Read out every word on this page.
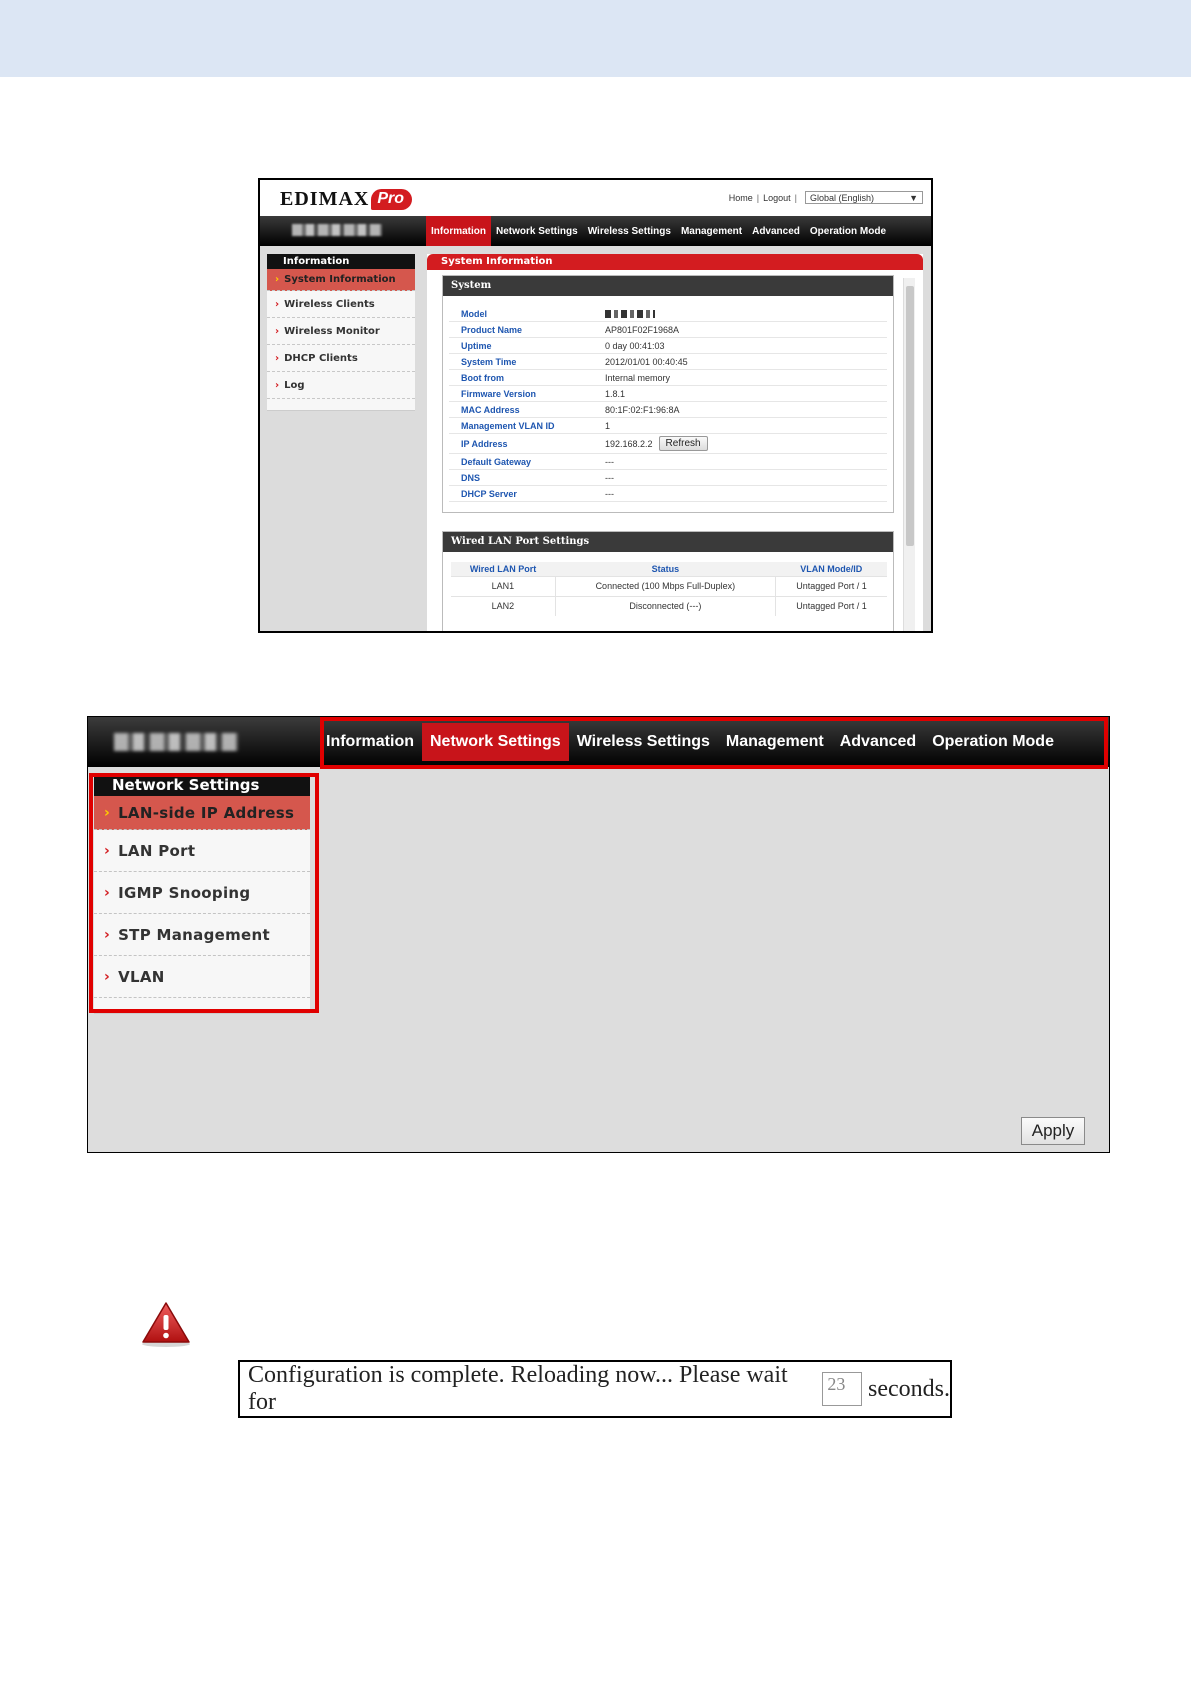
EDIMAX Pro	Home | Logout | Global (English)	▼
Information	Network Settings	Wireless Settings	Management	Advanced	Operation Mode
Information
› System Information
› Wireless Clients
› Wireless Monitor
› DHCP Clients
› Log
System Information
System
Model
Product Name	AP801F02F1968A
Uptime	0 day 00:41:03
System Time	2012/01/01 00:40:45
Boot from	Internal memory
Firmware Version	1.8.1
MAC Address	80:1F:02:F1:96:8A
Management VLAN ID	1
IP Address	192.168.2.2	Refresh
Default Gateway	---
DNS	---
DHCP Server	---
Wired LAN Port Settings
Wired LAN Port	Status	VLAN Mode/ID
LAN1	Connected (100 Mbps Full-Duplex)	Untagged Port / 1
LAN2	Disconnected (---)	Untagged Port / 1
Information	Network Settings	Wireless Settings	Management	Advanced	Operation Mode
Network Settings
› LAN-side IP Address
› LAN Port
› IGMP Snooping
› STP Management
› VLAN
Apply
Configuration is complete. Reloading now... Please wait for
23 seconds.
